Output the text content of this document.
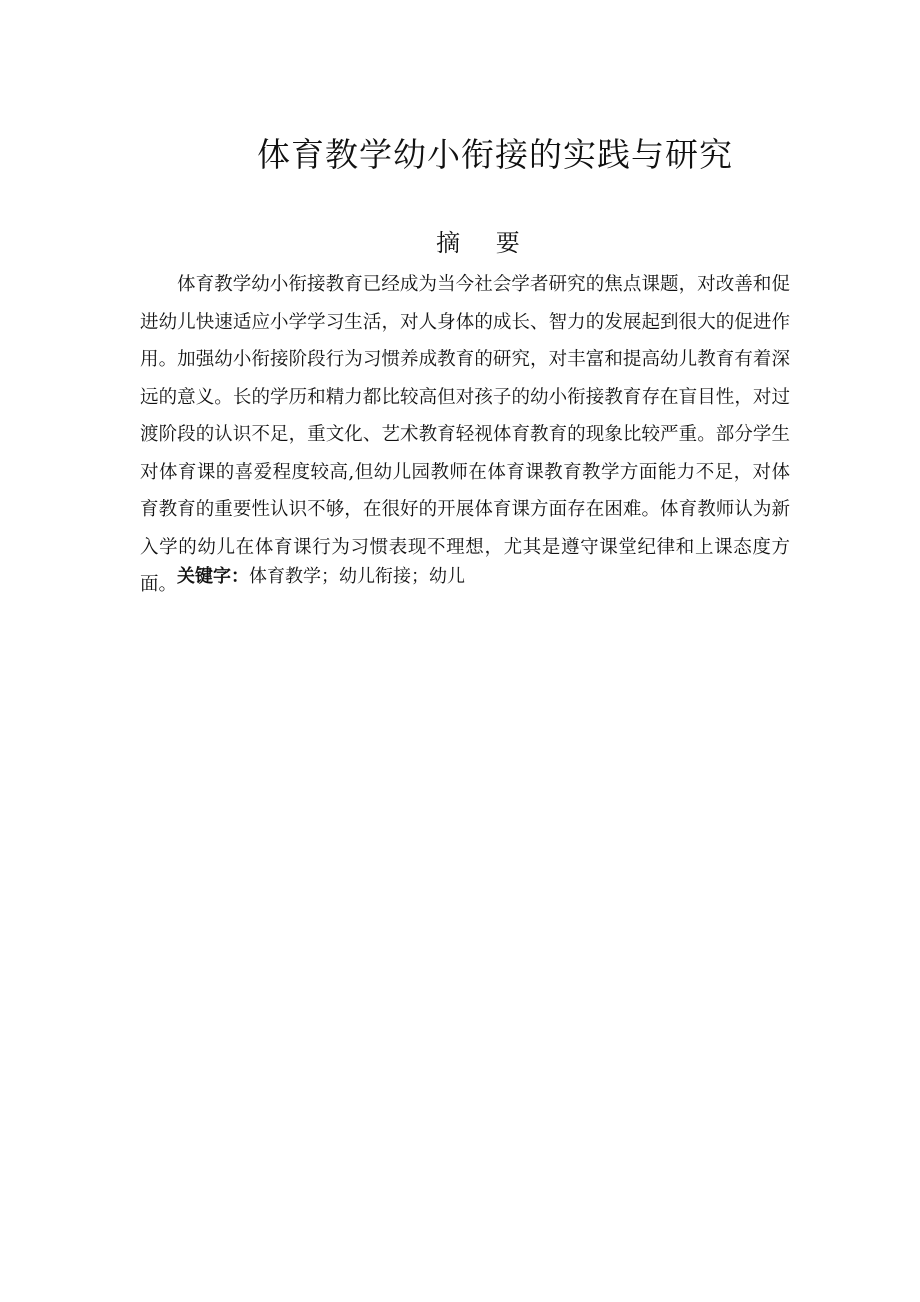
体育教学幼小衔接的实践与研究
摘 要

体育教学幼小衔接教育已经成为当今社会学者研究的焦点课题，对改善和促进幼儿快速适应小学学习生活，对人身体的成长、智力的发展起到很大的促进作用。加强幼小衔接阶段行为习惯养成教育的研究，对丰富和提高幼儿教育有着深远的意义。长的学历和精力都比较高但对孩子的幼小衔接教育存在盲目性，对过渡阶段的认识不足，重文化、艺术教育轻视体育教育的现象比较严重。部分学生对体育课的喜爱程度较高,但幼儿园教师在体育课教育教学方面能力不足，对体育教育的重要性认识不够，在很好的开展体育课方面存在困难。体育教师认为新入学的幼儿在体育课行为习惯表现不理想，尤其是遵守课堂纪律和上课态度方面。 关键字：体育教学；幼儿衔接；幼儿
